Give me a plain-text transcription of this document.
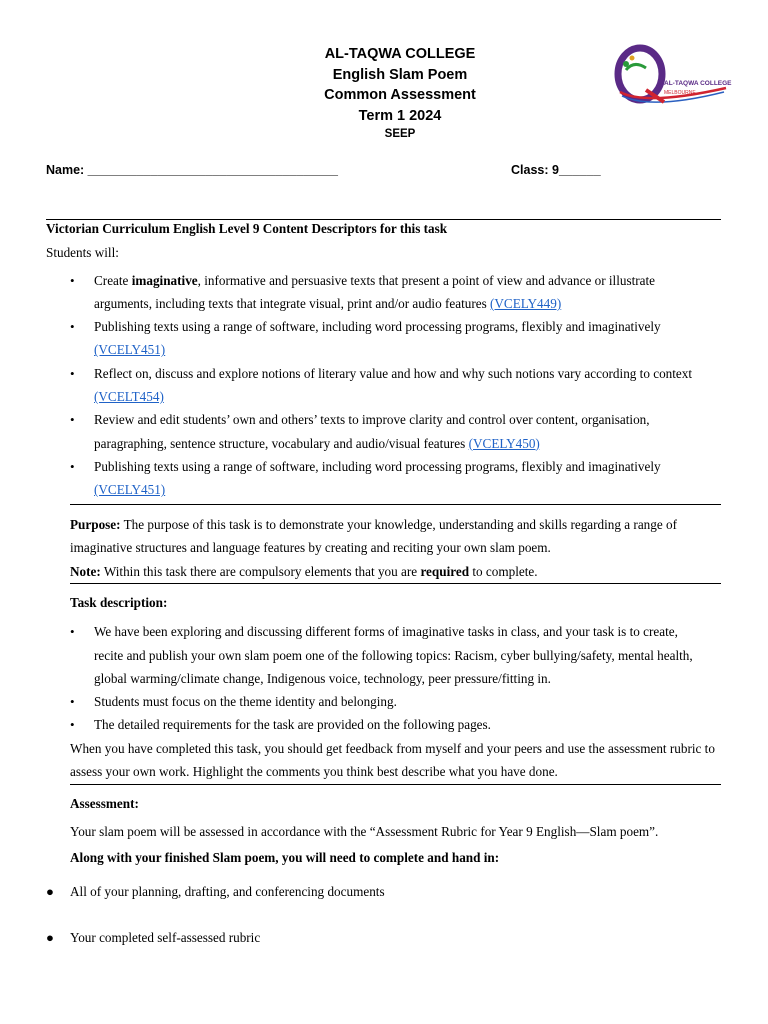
AL-TAQWA COLLEGE
English Slam Poem
Common Assessment
Term 1 2024
SEEP
AL-TAQWA COLLEGE
MELBOURNE
Name: ____________________________________	Class: 9______
Victorian Curriculum English Level 9 Content Descriptors for this task
Students will:
• Create imaginative, informative and persuasive texts that present a point of view and advance or illustrate arguments, including texts that integrate visual, print and/or audio features (VCELY449)
• Publishing texts using a range of software, including word processing programs, flexibly and imaginatively (VCELY451)
• Reflect on, discuss and explore notions of literary value and how and why such notions vary according to context (VCELT454)
• Review and edit students’ own and others’ texts to improve clarity and control over content, organisation, paragraphing, sentence structure, vocabulary and audio/visual features (VCELY450)
• Publishing texts using a range of software, including word processing programs, flexibly and imaginatively (VCELY451)
Purpose: The purpose of this task is to demonstrate your knowledge, understanding and skills regarding a range of imaginative structures and language features by creating and reciting your own slam poem.
Note: Within this task there are compulsory elements that you are required to complete.
Task description:
• We have been exploring and discussing different forms of imaginative tasks in class, and your task is to create, recite and publish your own slam poem one of the following topics: Racism, cyber bullying/safety, mental health, global warming/climate change, Indigenous voice, technology, peer pressure/fitting in.
• Students must focus on the theme identity and belonging.
• The detailed requirements for the task are provided on the following pages.
When you have completed this task, you should get feedback from myself and your peers and use the assessment rubric to assess your own work. Highlight the comments you think best describe what you have done.
Assessment:
Your slam poem will be assessed in accordance with the “Assessment Rubric for Year 9 English—Slam poem”.
Along with your finished Slam poem, you will need to complete and hand in:
● All of your planning, drafting, and conferencing documents
● Your completed self-assessed rubric
